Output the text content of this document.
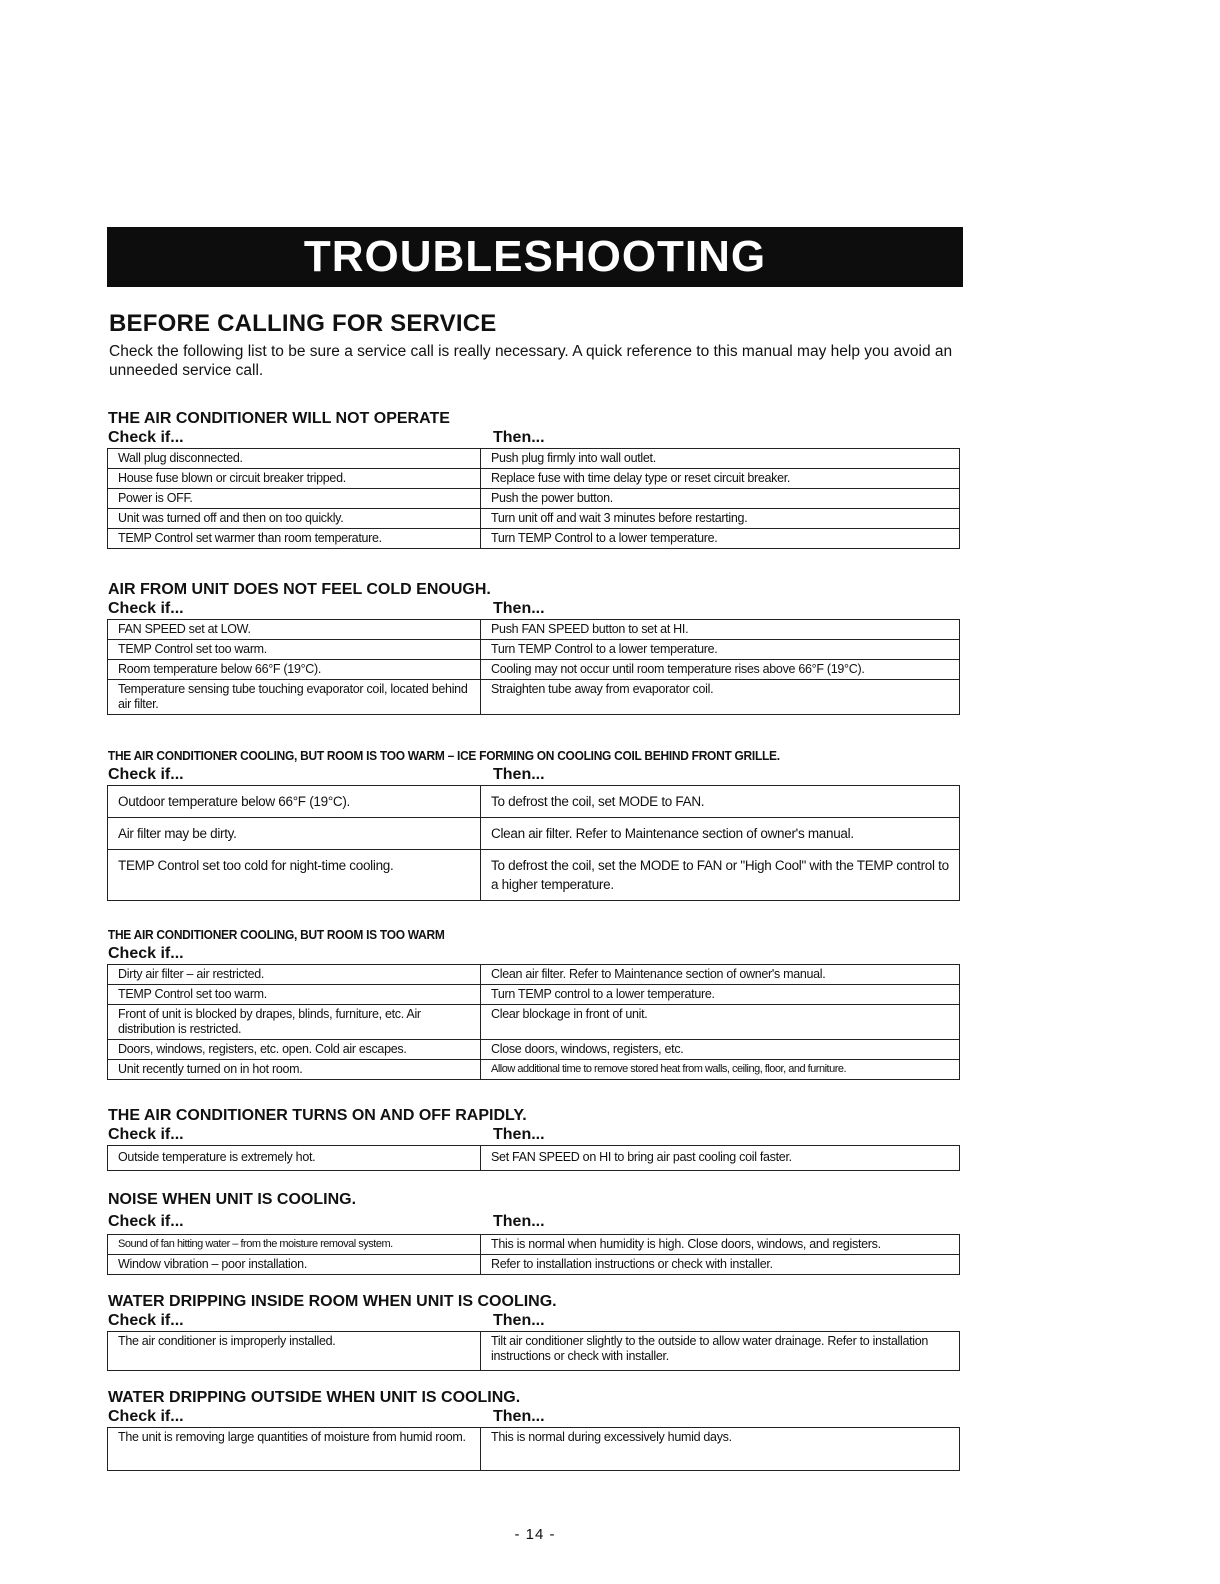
TROUBLESHOOTING
BEFORE CALLING FOR SERVICE
Check the following list to be sure a service call is really necessary. A quick reference to this manual may help you avoid an unneeded service call.
THE AIR CONDITIONER WILL NOT OPERATE
Check if...	Then...
Wall plug disconnected.	Push plug firmly into wall outlet.
House fuse blown or circuit breaker tripped.	Replace fuse with time delay type or reset circuit breaker.
Power is OFF.	Push the power button.
Unit was turned off and then on too quickly.	Turn unit off and wait 3 minutes before restarting.
TEMP Control set warmer than room temperature.	Turn TEMP Control to a lower temperature.
AIR FROM UNIT DOES NOT FEEL COLD ENOUGH.
Check if...	Then...
FAN SPEED set at LOW.	Push FAN SPEED button to set at HI.
TEMP Control set too warm.	Turn TEMP Control to a lower temperature.
Room temperature below 66°F (19°C).	Cooling may not occur until room temperature rises above 66°F (19°C).
Temperature sensing tube touching evaporator coil, located behind air filter.	Straighten tube away from evaporator coil.
THE AIR CONDITIONER COOLING, BUT ROOM IS TOO WARM – ICE FORMING ON COOLING COIL BEHIND FRONT GRILLE.
Check if...	Then...
Outdoor temperature below 66°F (19°C).	To defrost the coil, set MODE to FAN.
Air filter may be dirty.	Clean air filter. Refer to Maintenance section of owner's manual.
TEMP Control set too cold for night-time cooling.	To defrost the coil, set the MODE to FAN or "High Cool" with the TEMP control to a higher temperature.
THE AIR CONDITIONER COOLING, BUT ROOM IS TOO WARM
Check if...
Dirty air filter – air restricted.	Clean air filter. Refer to Maintenance section of owner's manual.
TEMP Control set too warm.	Turn TEMP control to a lower temperature.
Front of unit is blocked by drapes, blinds, furniture, etc. Air distribution is restricted.	Clear blockage in front of unit.
Doors, windows, registers, etc. open. Cold air escapes.	Close doors, windows, registers, etc.
Unit recently turned on in hot room.	Allow additional time to remove stored heat from walls, ceiling, floor, and furniture.
THE AIR CONDITIONER TURNS ON AND OFF RAPIDLY.
Check if...	Then...
Outside temperature is extremely hot.	Set FAN SPEED on HI to bring air past cooling coil faster.
NOISE WHEN UNIT IS COOLING.
Check if...	Then...
Sound of fan hitting water – from the moisture removal system.	This is normal when humidity is high. Close doors, windows, and registers.
Window vibration – poor installation.	Refer to installation instructions or check with installer.
WATER DRIPPING INSIDE ROOM WHEN UNIT IS COOLING.
Check if...	Then...
The air conditioner is improperly installed.	Tilt air conditioner slightly to the outside to allow water drainage. Refer to installation instructions or check with installer.
WATER DRIPPING OUTSIDE WHEN UNIT IS COOLING.
Check if...	Then...
The unit is removing large quantities of moisture from humid room.	This is normal during excessively humid days.
- 14 -
